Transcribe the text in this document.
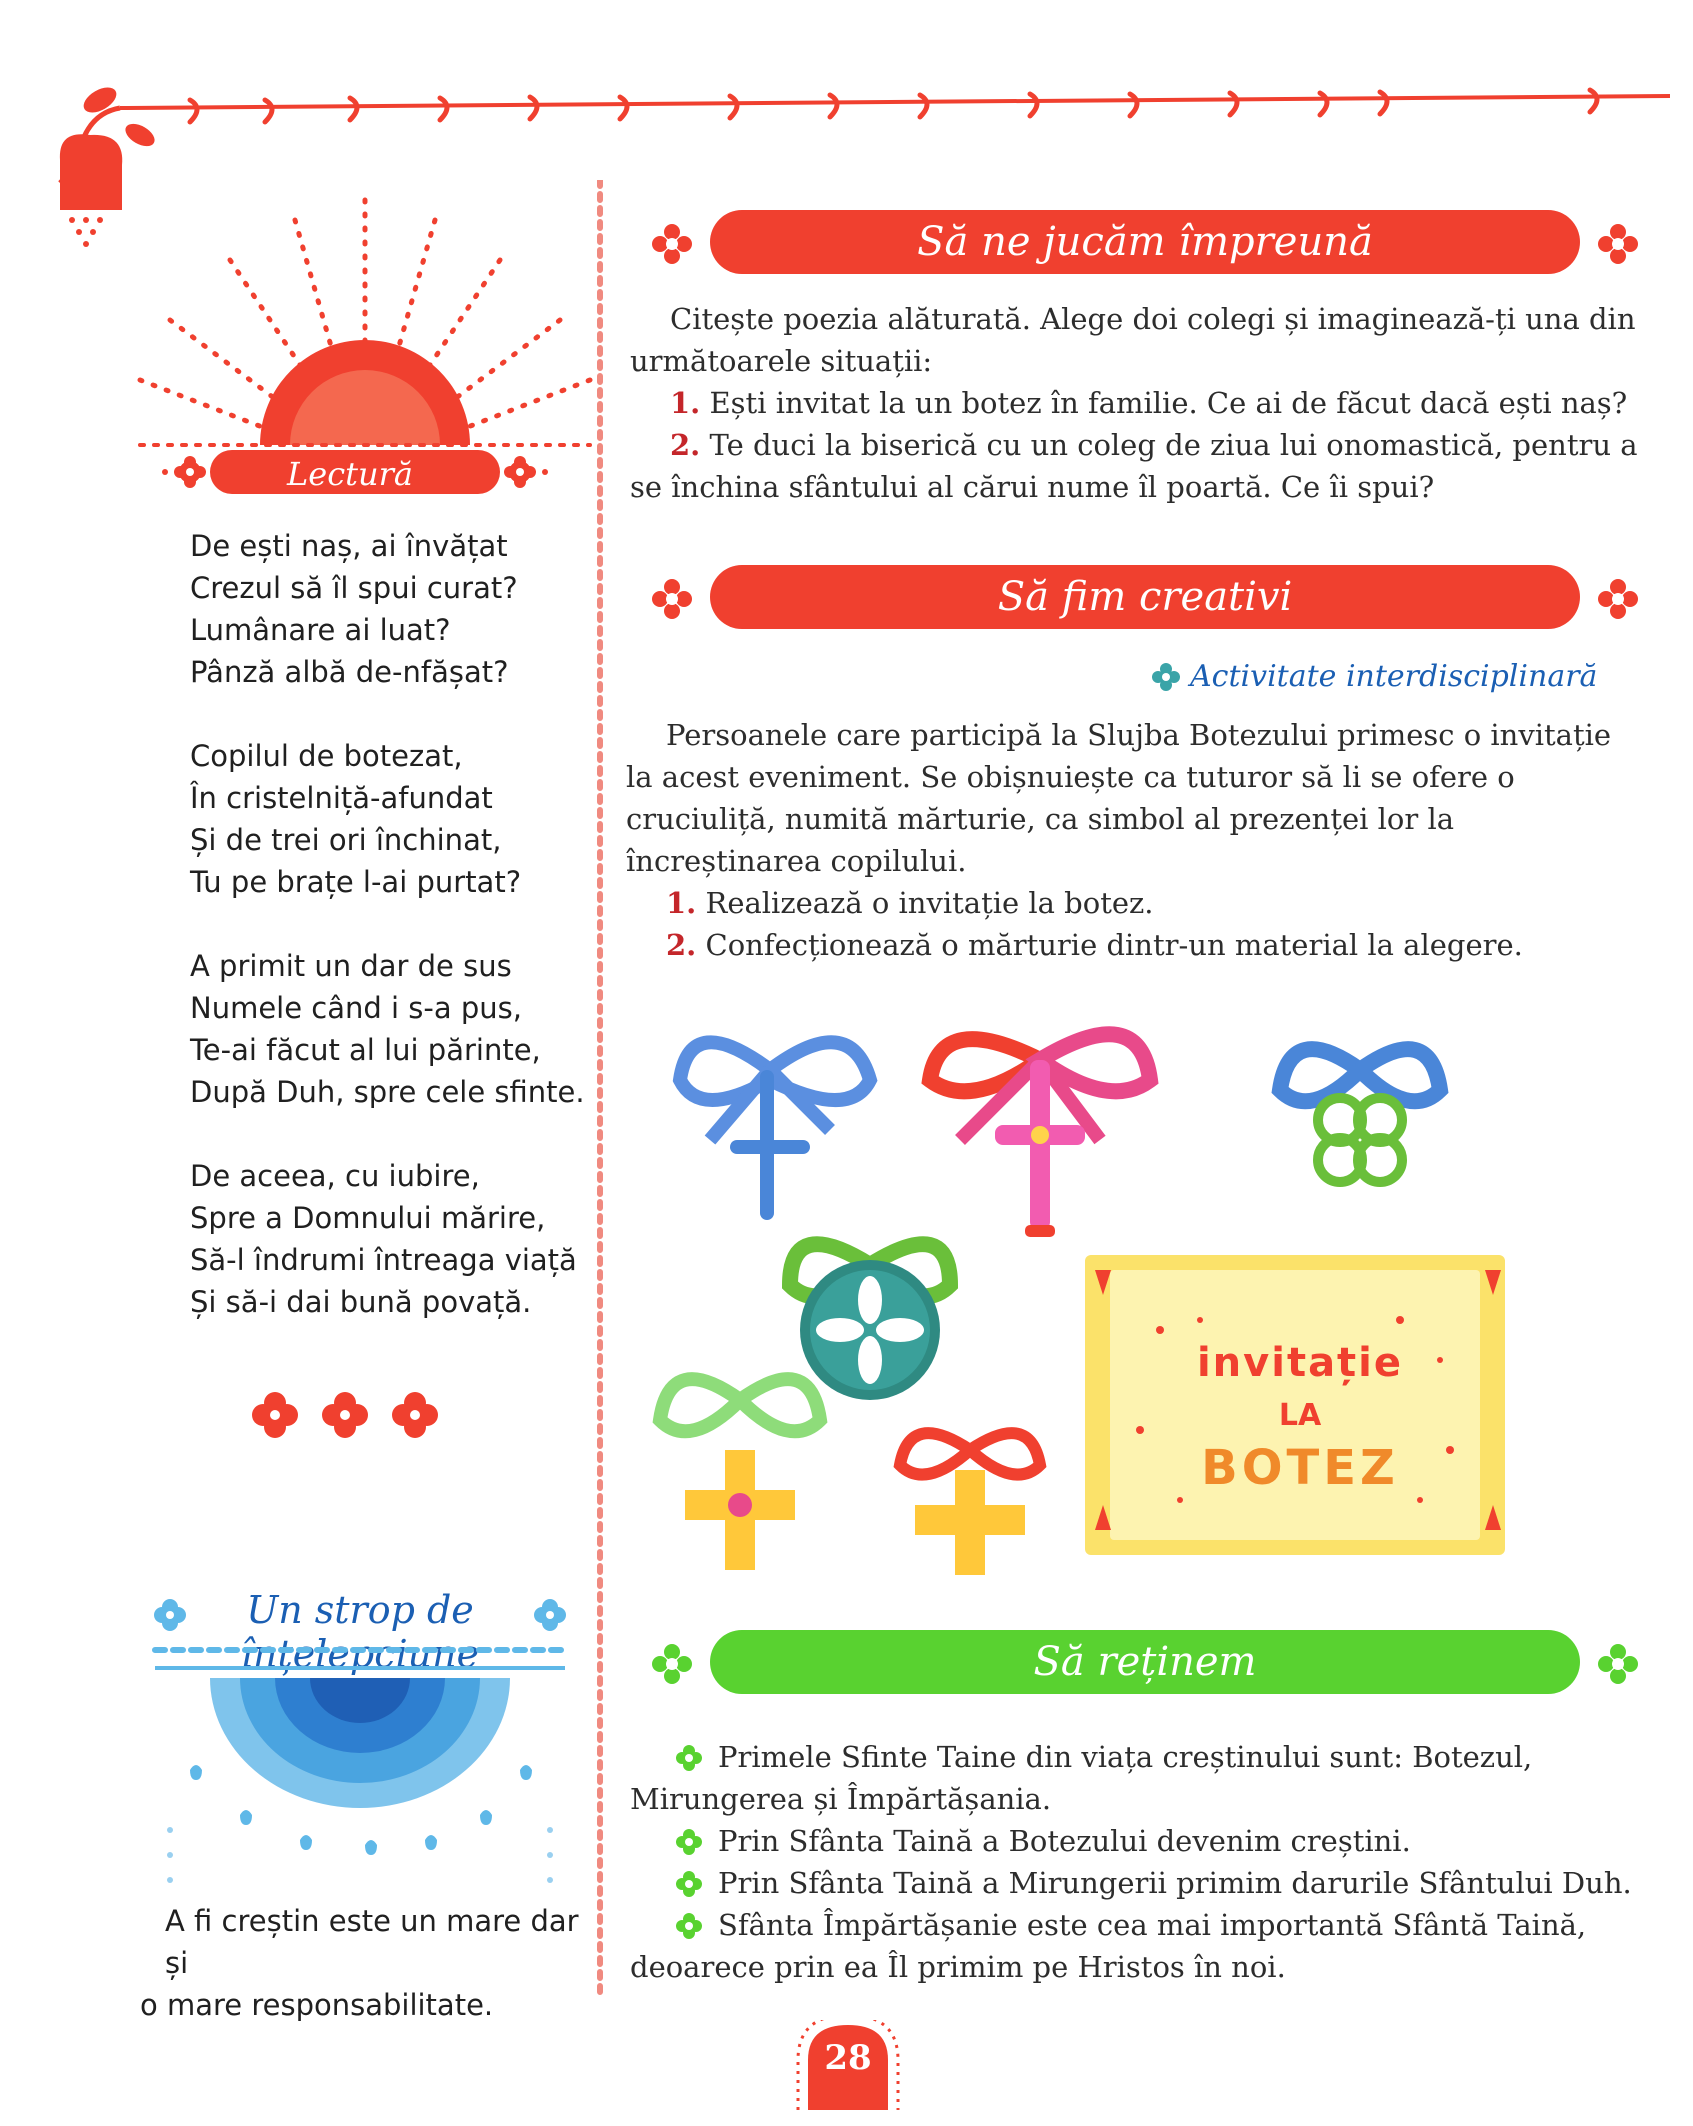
Lectură
De ești naș, ai învățat
Crezul să îl spui curat?
Lumânare ai luat?
Pânză albă de-nfășat?
Copilul de botezat,
În cristelniță-afundat
Și de trei ori închinat,
Tu pe brațe l-ai purtat?
A primit un dar de sus
Numele când i s-a pus,
Te-ai făcut al lui părinte,
După Duh, spre cele sfinte.
De aceea, cu iubire,
Spre a Domnului mărire,
Să-l îndrumi întreaga viață
Și să-i dai bună povață.
Un strop de înțelepciune
A fi creștin este un mare dar și
o mare responsabilitate.
Să ne jucăm împreună
Citește poezia alăturată. Alege doi colegi și imaginează-ți una din următoarele situații:
1. Ești invitat la un botez în familie. Ce ai de făcut dacă ești naș?
2. Te duci la biserică cu un coleg de ziua lui onomastică, pentru a se închina sfântului al cărui nume îl poartă. Ce îi spui?
Să fim creativi
Activitate interdisciplinară
Persoanele care participă la Slujba Botezului primesc o invitație la acest eveniment. Se obișnuiește ca tuturor să li se ofere o cruciuliță, numită mărturie, ca simbol al prezenței lor la încreștinarea copilului.
1. Realizează o invitație la botez.
2. Confecționează o mărturie dintr-un material la alegere.
invitație
LA
BOTEZ
Să reținem
Primele Sfinte Taine din viața creștinului sunt: Botezul, Mirungerea și Împărtășania.
Prin Sfânta Taină a Botezului devenim creștini.
Prin Sfânta Taină a Mirungerii primim darurile Sfântului Duh.
Sfânta Împărtășanie este cea mai importantă Sfântă Taină, deoarece prin ea Îl primim pe Hristos în noi.
28
